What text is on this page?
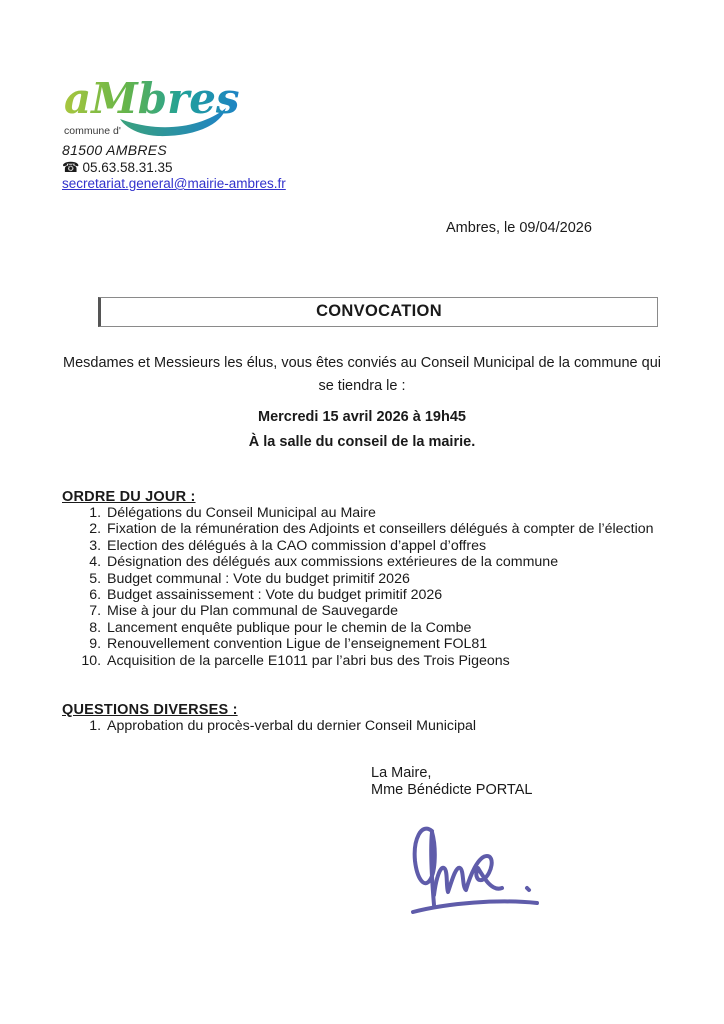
aMbres
commune d'
81500 AMBRES
☎ 05.63.58.31.35
secretariat.general@mairie-ambres.fr
Ambres, le 09/04/2026
CONVOCATION

Mesdames et Messieurs les élus, vous êtes conviés au Conseil Municipal de la commune qui se tiendra le :

Mercredi 15 avril 2026 à 19h45

À la salle du conseil de la mairie.

ORDRE DU JOUR :
1. Délégations du Conseil Municipal au Maire
2. Fixation de la rémunération des Adjoints et conseillers délégués à compter de l’élection
3. Election des délégués à la CAO commission d’appel d’offres
4. Désignation des délégués aux commissions extérieures de la commune
5. Budget communal : Vote du budget primitif 2026
6. Budget assainissement : Vote du budget primitif 2026
7. Mise à jour du Plan communal de Sauvegarde
8. Lancement enquête publique pour le chemin de la Combe
9. Renouvellement convention Ligue de l’enseignement FOL81
10. Acquisition de la parcelle E1011 par l’abri bus des Trois Pigeons
QUESTIONS DIVERSES :
1. Approbation du procès-verbal du dernier Conseil Municipal
La Maire,
Mme Bénédicte PORTAL
